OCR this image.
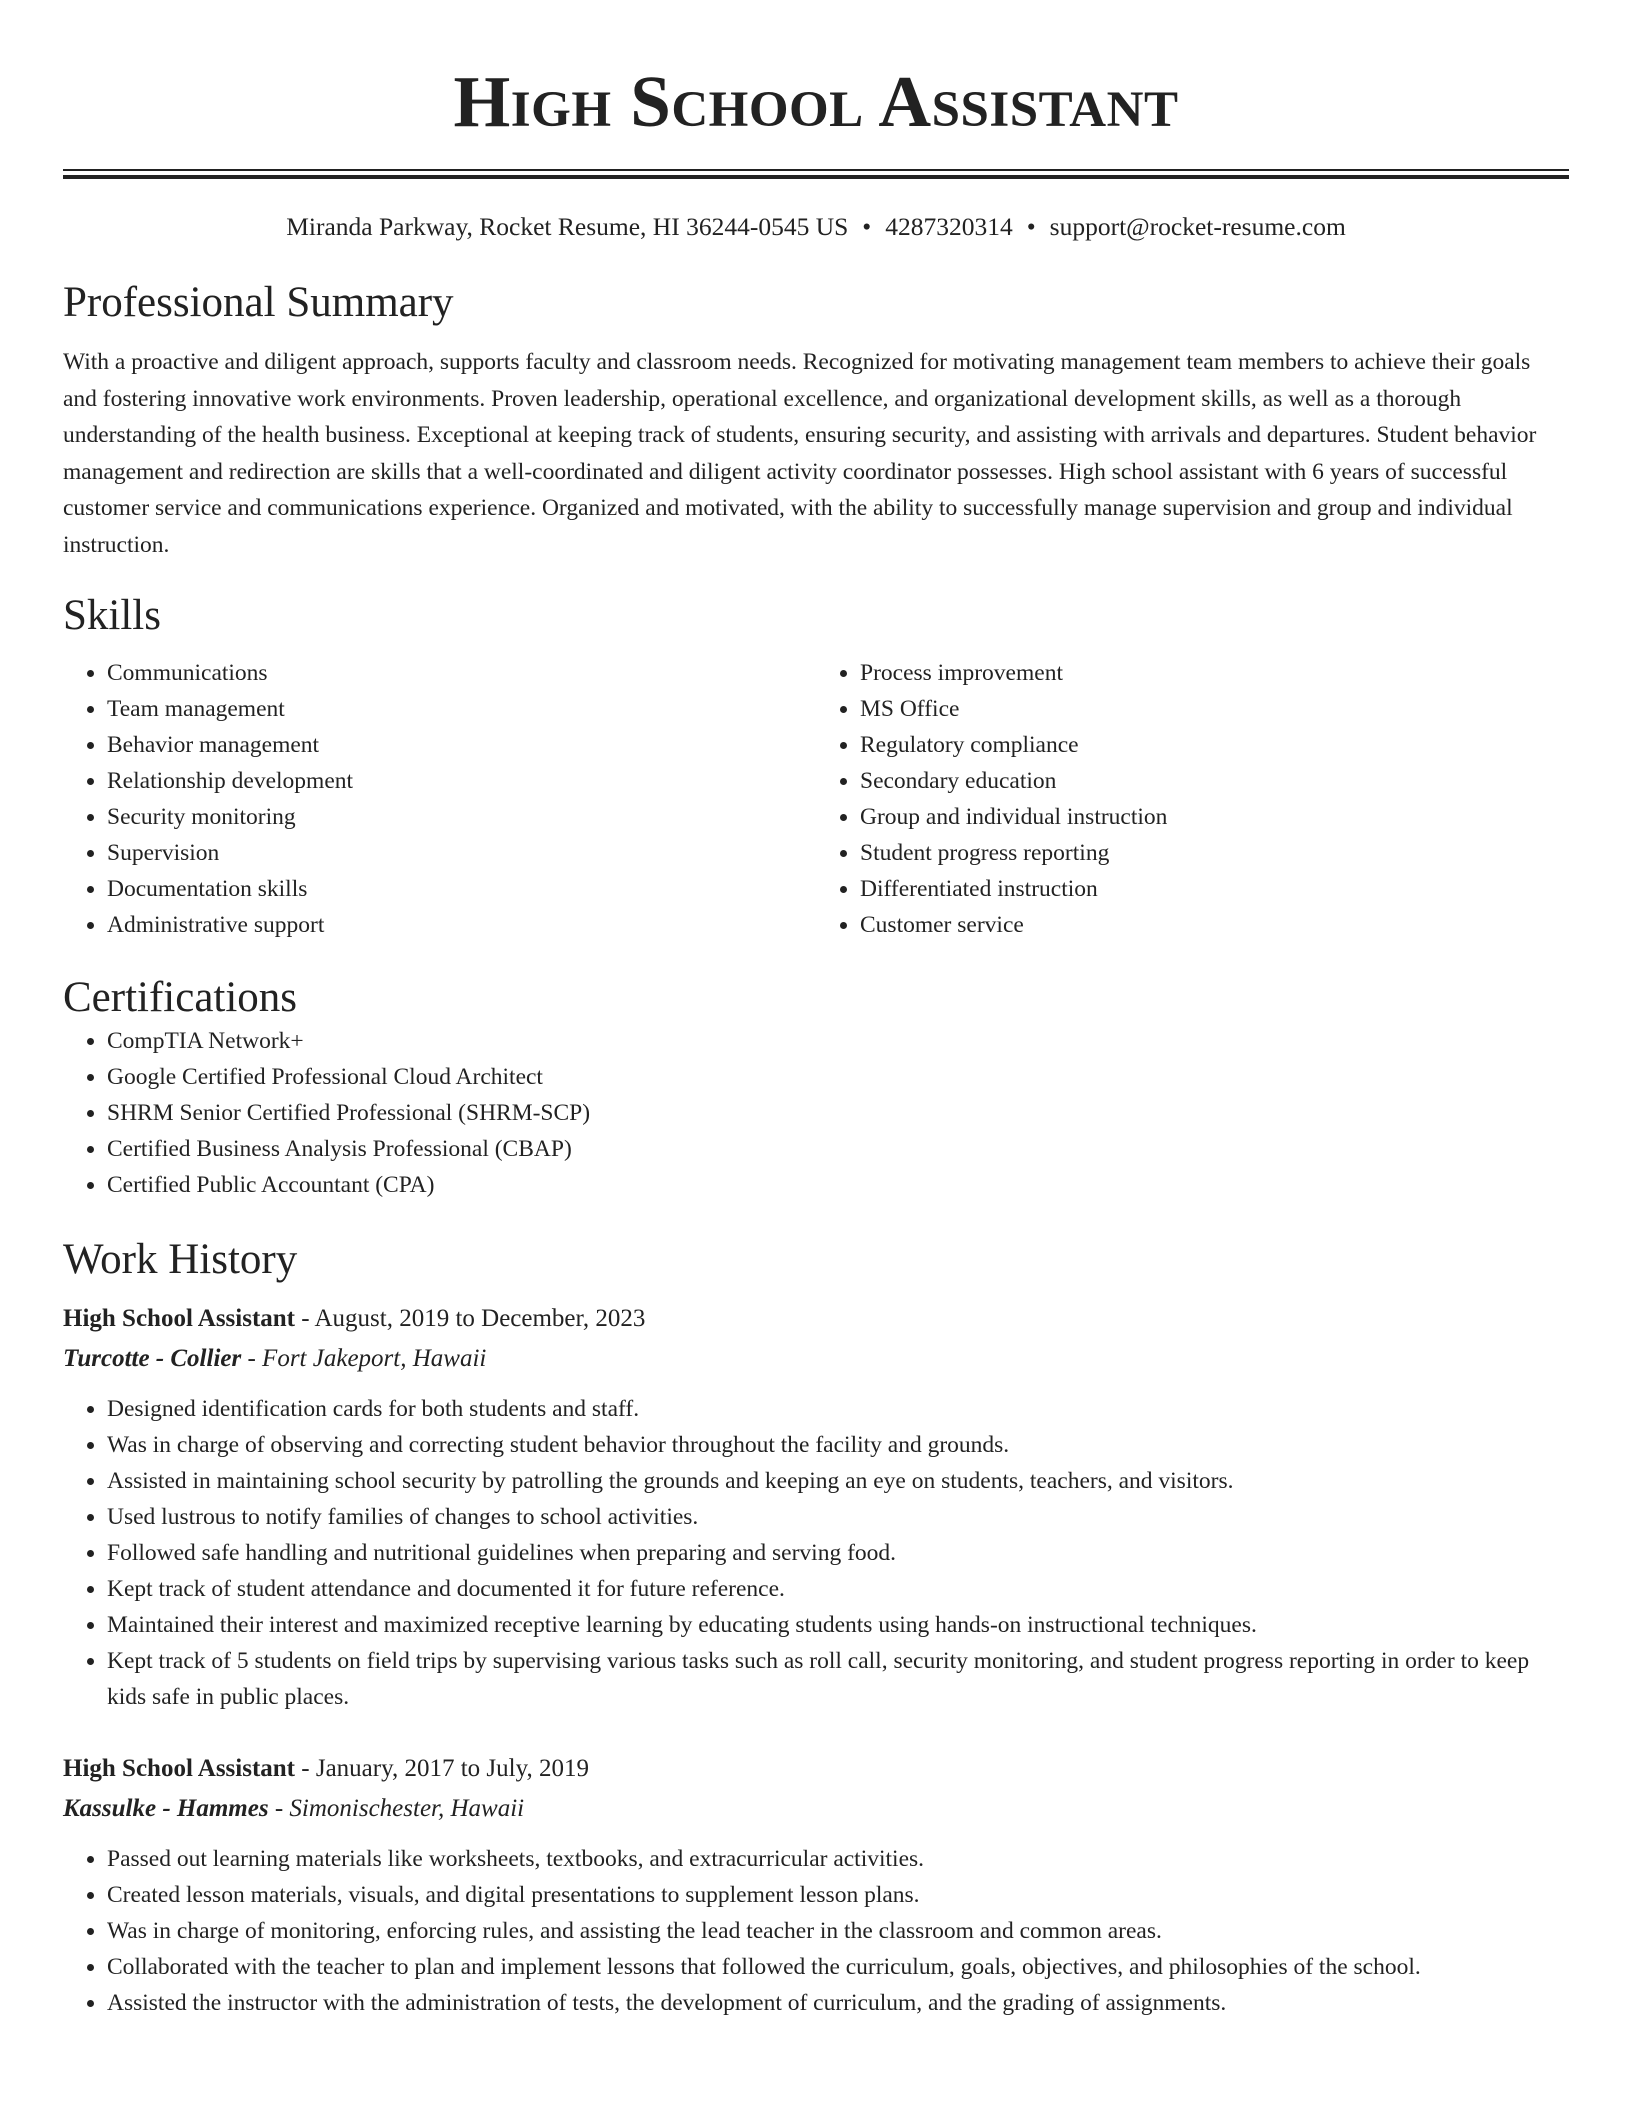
High School Assistant
Miranda Parkway, Rocket Resume, HI 36244-0545 US • 4287320314 • support@rocket-resume.com
Professional Summary

With a proactive and diligent approach, supports faculty and classroom needs. Recognized for motivating management team members to achieve their goals and fostering innovative work environments. Proven leadership, operational excellence, and organizational development skills, as well as a thorough understanding of the health business. Exceptional at keeping track of students, ensuring security, and assisting with arrivals and departures. Student behavior management and redirection are skills that a well-coordinated and diligent activity coordinator possesses. High school assistant with 6 years of successful customer service and communications experience. Organized and motivated, with the ability to successfully manage supervision and group and individual instruction.

Skills
• Communications
• Team management
• Behavior management
• Relationship development
• Security monitoring
• Supervision
• Documentation skills
• Administrative support
• Process improvement
• MS Office
• Regulatory compliance
• Secondary education
• Group and individual instruction
• Student progress reporting
• Differentiated instruction
• Customer service
Certifications
• CompTIA Network+
• Google Certified Professional Cloud Architect
• SHRM Senior Certified Professional (SHRM-SCP)
• Certified Business Analysis Professional (CBAP)
• Certified Public Accountant (CPA)
Work History
High School Assistant - August, 2019 to December, 2023
Turcotte - Collier - Fort Jakeport, Hawaii
• Designed identification cards for both students and staff.
• Was in charge of observing and correcting student behavior throughout the facility and grounds.
• Assisted in maintaining school security by patrolling the grounds and keeping an eye on students, teachers, and visitors.
• Used lustrous to notify families of changes to school activities.
• Followed safe handling and nutritional guidelines when preparing and serving food.
• Kept track of student attendance and documented it for future reference.
• Maintained their interest and maximized receptive learning by educating students using hands-on instructional techniques.
• Kept track of 5 students on field trips by supervising various tasks such as roll call, security monitoring, and student progress reporting in order to keep kids safe in public places.
High School Assistant - January, 2017 to July, 2019
Kassulke - Hammes - Simonischester, Hawaii
• Passed out learning materials like worksheets, textbooks, and extracurricular activities.
• Created lesson materials, visuals, and digital presentations to supplement lesson plans.
• Was in charge of monitoring, enforcing rules, and assisting the lead teacher in the classroom and common areas.
• Collaborated with the teacher to plan and implement lessons that followed the curriculum, goals, objectives, and philosophies of the school.
• Assisted the instructor with the administration of tests, the development of curriculum, and the grading of assignments.
